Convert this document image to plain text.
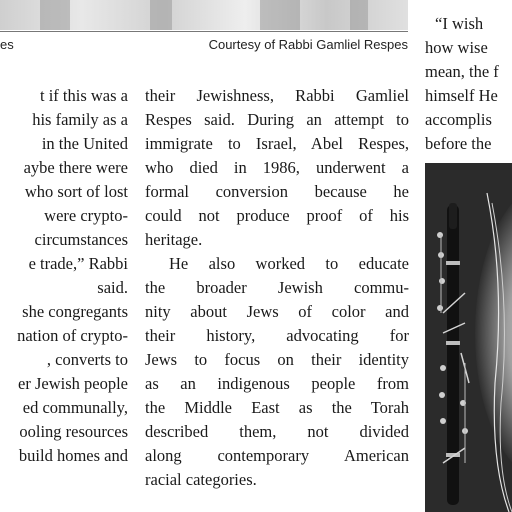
es	Courtesy of Rabbi Gamliel Respes
t if this was a
his family as a
in the United
aybe there were
who sort of lost
were crypto-
circumstances
e trade,” Rabbi
said.
she congregants
nation of crypto-
, converts to
er Jewish people
ed communally,
ooling resources
build homes and
their Jewishness, Rabbi Gamliel
Respes said. During an attempt to
immigrate to Israel, Abel Respes,
who died in 1986, underwent a
formal conversion because he
could not produce proof of his
heritage.
He also worked to educate
the broader Jewish commu-
nity about Jews of color and
their history, advocating for
Jews to focus on their identity
as an indigenous people from
the Middle East as the Torah
described them, not divided
along contemporary American
racial categories.
“I wish
how wise
mean, the f
himself He
accomplis
before the
